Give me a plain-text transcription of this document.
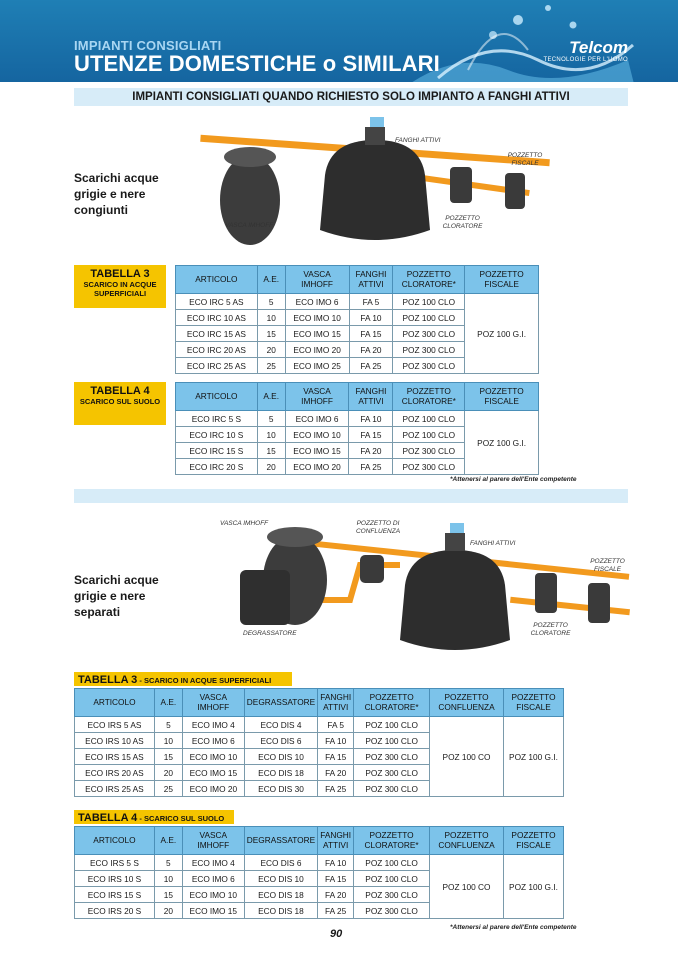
IMPIANTI CONSIGLIATI
UTENZE DOMESTICHE o SIMILARI
Telcom
TECNOLOGIE PER L'UOMO
IMPIANTI CONSIGLIATI QUANDO RICHIESTO SOLO IMPIANTO A FANGHI ATTIVI
FANGHI ATTIVI
POZZETTO FISCALE
VASCA IMHOFF
POZZETTO CLORATORE
Scarichi acque grigie e nere congiunti
TABELLA 3
SCARICO IN ACQUE SUPERFICIALI
ARTICOLO	A.E.	VASCA IMHOFF	FANGHI ATTIVI	POZZETTO CLORATORE*	POZZETTO FISCALE
ECO IRC 5 AS	5	ECO IMO 6	FA 5	POZ 100 CLO	POZ 100 G.I.
ECO IRC 10 AS	10	ECO IMO 10	FA 10	POZ 100 CLO	
ECO IRC 15 AS	15	ECO IMO 15	FA 15	POZ 300 CLO	
ECO IRC 20 AS	20	ECO IMO 20	FA 20	POZ 300 CLO	
ECO IRC 25 AS	25	ECO IMO 25	FA 25	POZ 300 CLO	
TABELLA 4
SCARICO SUL SUOLO
ARTICOLO	A.E.	VASCA IMHOFF	FANGHI ATTIVI	POZZETTO CLORATORE*	POZZETTO FISCALE
ECO IRC 5 S	5	ECO IMO 6	FA 10	POZ 100 CLO	POZ 100 G.I.
ECO IRC 10 S	10	ECO IMO 10	FA 15	POZ 100 CLO	
ECO IRC 15 S	15	ECO IMO 15	FA 20	POZ 300 CLO	
ECO IRC 20 S	20	ECO IMO 20	FA 25	POZ 300 CLO	
*Attenersi al parere dell'Ente competente
VASCA IMHOFF	POZZETTO DI CONFLUENZA
FANGHI ATTIVI
POZZETTO FISCALE
DEGRASSATORE
POZZETTO CLORATORE
Scarichi acque grigie e nere separati
TABELLA 3 - SCARICO IN ACQUE SUPERFICIALI
ARTICOLO	A.E.	VASCA IMHOFF	DEGRASSATORE	FANGHI ATTIVI	POZZETTO CLORATORE*	POZZETTO CONFLUENZA	POZZETTO FISCALE
ECO IRS 5 AS	5	ECO IMO 4	ECO DIS 4	FA 5	POZ 100 CLO	POZ 100 CO	POZ 100 G.I.
ECO IRS 10 AS	10	ECO IMO 6	ECO DIS 6	FA 10	POZ 100 CLO		
ECO IRS 15 AS	15	ECO IMO 10	ECO DIS 10	FA 15	POZ 300 CLO		
ECO IRS 20 AS	20	ECO IMO 15	ECO DIS 18	FA 20	POZ 300 CLO		
ECO IRS 25 AS	25	ECO IMO 20	ECO DIS 30	FA 25	POZ 300 CLO		
TABELLA 4 - SCARICO SUL SUOLO
ARTICOLO	A.E.	VASCA IMHOFF	DEGRASSATORE	FANGHI ATTIVI	POZZETTO CLORATORE*	POZZETTO CONFLUENZA	POZZETTO FISCALE
ECO IRS 5 S	5	ECO IMO 4	ECO DIS 6	FA 10	POZ 100 CLO	POZ 100 CO	POZ 100 G.I.
ECO IRS 10 S	10	ECO IMO 6	ECO DIS 10	FA 15	POZ 100 CLO		
ECO IRS 15 S	15	ECO IMO 10	ECO DIS 18	FA 20	POZ 300 CLO		
ECO IRS 20 S	20	ECO IMO 15	ECO DIS 18	FA 25	POZ 300 CLO		
*Attenersi al parere dell'Ente competente
90
